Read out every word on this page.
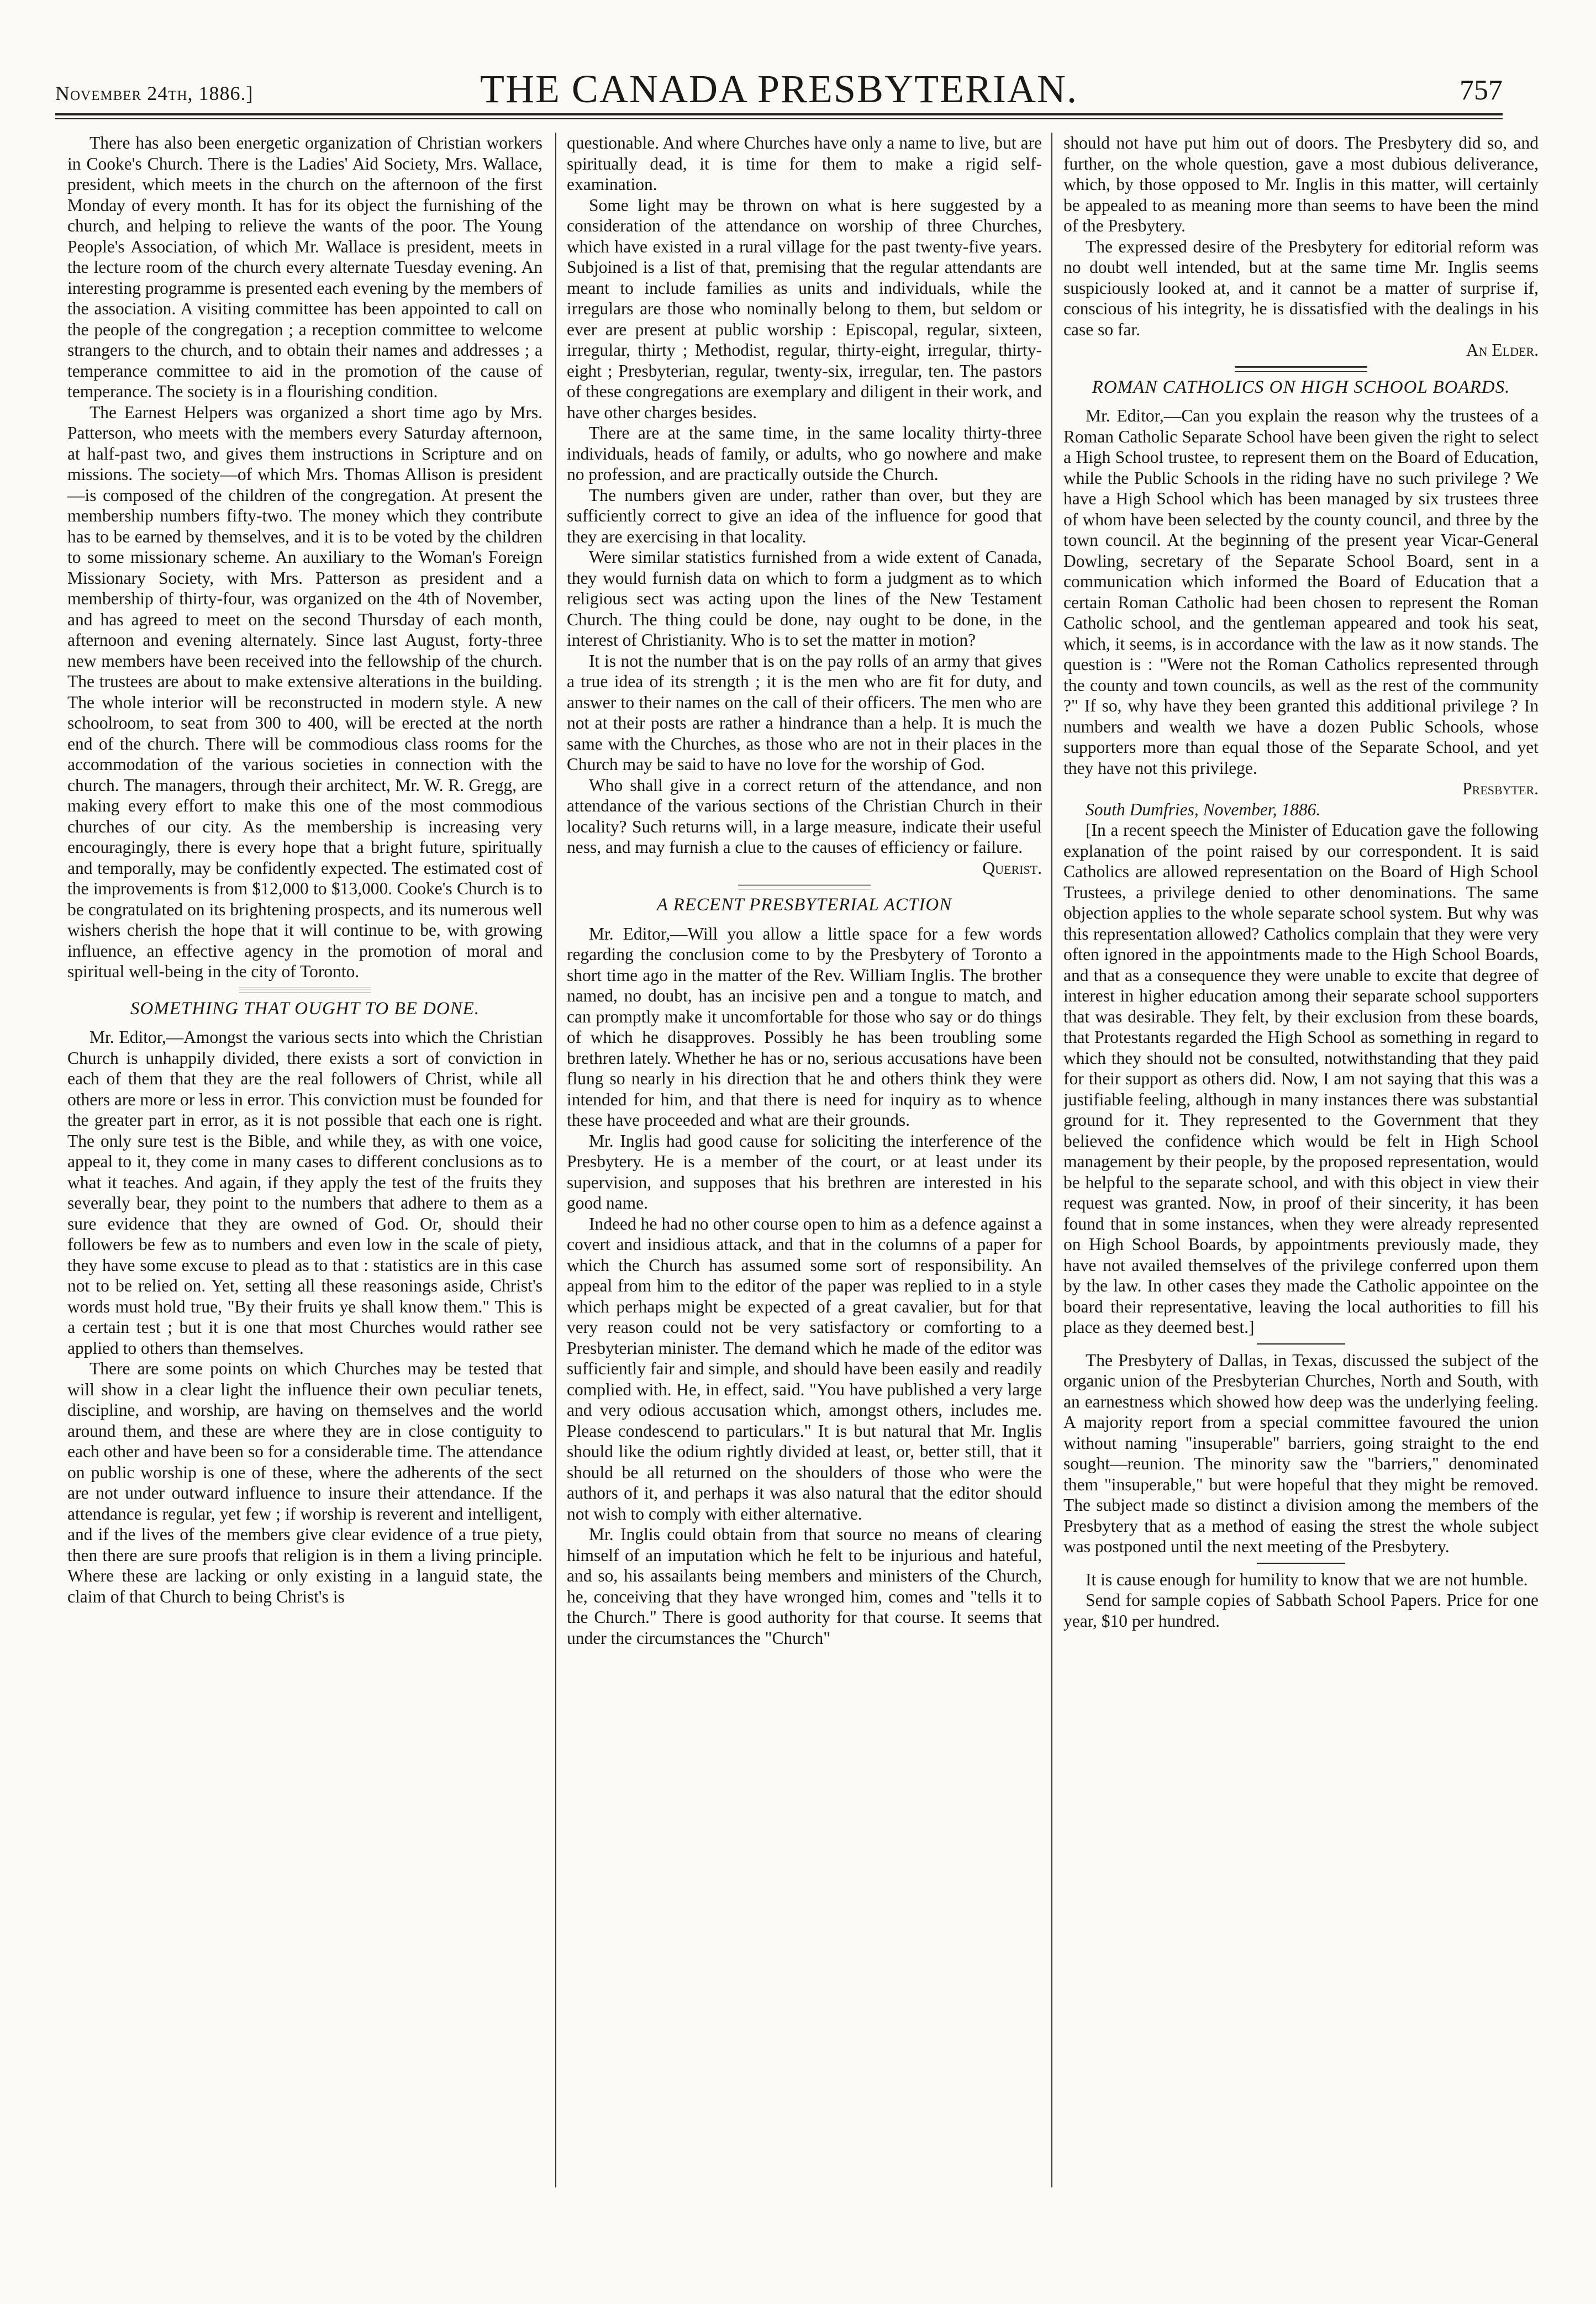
November 24th, 1886.]	THE CANADA PRESBYTERIAN.	757

There has also been energetic organization of Christian workers in Cooke's Church. There is the Ladies' Aid Society, Mrs. Wallace, president, which meets in the church on the afternoon of the first Monday of every month. It has for its object the furnishing of the church, and helping to relieve the wants of the poor. The Young People's Association, of which Mr. Wallace is president, meets in the lecture room of the church every alternate Tuesday evening. An interesting programme is presented each evening by the members of the association. A visiting committee has been appointed to call on the people of the congregation ; a reception committee to welcome strangers to the church, and to obtain their names and addresses ; a temperance committee to aid in the promotion of the cause of temperance. The society is in a flourishing condition.

The Earnest Helpers was organized a short time ago by Mrs. Patterson, who meets with the members every Saturday afternoon, at half-past two, and gives them instructions in Scripture and on missions. The society—of which Mrs. Thomas Allison is president—is composed of the children of the congregation. At present the membership numbers fifty-two. The money which they contribute has to be earned by themselves, and it is to be voted by the children to some missionary scheme. An auxiliary to the Woman's Foreign Missionary Society, with Mrs. Patterson as president and a membership of thirty-four, was organized on the 4th of November, and has agreed to meet on the second Thursday of each month, afternoon and evening alternately. Since last August, forty-three new members have been received into the fellowship of the church. The trustees are about to make extensive alterations in the building. The whole interior will be reconstructed in modern style. A new schoolroom, to seat from 300 to 400, will be erected at the north end of the church. There will be commodious class rooms for the accommodation of the various societies in connection with the church. The managers, through their architect, Mr. W. R. Gregg, are making every effort to make this one of the most commodious churches of our city. As the membership is increasing very encouragingly, there is every hope that a bright future, spiritually and temporally, may be confidently expected. The estimated cost of the improvements is from $12,000 to $13,000. Cooke's Church is to be congratulated on its brightening prospects, and its numerous well wishers cherish the hope that it will continue to be, with growing influence, an effective agency in the promotion of moral and spiritual well-being in the city of Toronto.

SOMETHING THAT OUGHT TO BE DONE.

Mr. Editor,—Amongst the various sects into which the Christian Church is unhappily divided, there exists a sort of conviction in each of them that they are the real followers of Christ, while all others are more or less in error. This conviction must be founded for the greater part in error, as it is not possible that each one is right. The only sure test is the Bible, and while they, as with one voice, appeal to it, they come in many cases to different conclusions as to what it teaches. And again, if they apply the test of the fruits they severally bear, they point to the numbers that adhere to them as a sure evidence that they are owned of God. Or, should their followers be few as to numbers and even low in the scale of piety, they have some excuse to plead as to that : statistics are in this case not to be relied on. Yet, setting all these reasonings aside, Christ's words must hold true, "By their fruits ye shall know them." This is a certain test ; but it is one that most Churches would rather see applied to others than themselves.

There are some points on which Churches may be tested that will show in a clear light the influence their own peculiar tenets, discipline, and worship, are having on themselves and the world around them, and these are where they are in close contiguity to each other and have been so for a considerable time. The attendance on public worship is one of these, where the adherents of the sect are not under outward influence to insure their attendance. If the attendance is regular, yet few ; if worship is reverent and intelligent, and if the lives of the members give clear evidence of a true piety, then there are sure proofs that religion is in them a living principle. Where these are lacking or only existing in a languid state, the claim of that Church to being Christ's is

questionable. And where Churches have only a name to live, but are spiritually dead, it is time for them to make a rigid self-examination.

Some light may be thrown on what is here suggested by a consideration of the attendance on worship of three Churches, which have existed in a rural village for the past twenty-five years. Subjoined is a list of that, premising that the regular attendants are meant to include families as units and individuals, while the irregulars are those who nominally belong to them, but seldom or ever are present at public worship : Episcopal, regular, sixteen, irregular, thirty ; Methodist, regular, thirty-eight, irregular, thirty-eight ; Presbyterian, regular, twenty-six, irregular, ten. The pastors of these congregations are exemplary and diligent in their work, and have other charges besides.

There are at the same time, in the same locality thirty-three individuals, heads of family, or adults, who go nowhere and make no profession, and are practically outside the Church.

The numbers given are under, rather than over, but they are sufficiently correct to give an idea of the influence for good that they are exercising in that locality.

Were similar statistics furnished from a wide extent of Canada, they would furnish data on which to form a judgment as to which religious sect was acting upon the lines of the New Testament Church. The thing could be done, nay ought to be done, in the interest of Christianity. Who is to set the matter in motion?

It is not the number that is on the pay rolls of an army that gives a true idea of its strength ; it is the men who are fit for duty, and answer to their names on the call of their officers. The men who are not at their posts are rather a hindrance than a help. It is much the same with the Churches, as those who are not in their places in the Church may be said to have no love for the worship of God.

Who shall give in a correct return of the attendance, and non attendance of the various sections of the Christian Church in their locality? Such returns will, in a large measure, indicate their useful ness, and may furnish a clue to the causes of efficiency or failure.

Querist.

A RECENT PRESBYTERIAL ACTION

Mr. Editor,—Will you allow a little space for a few words regarding the conclusion come to by the Presbytery of Toronto a short time ago in the matter of the Rev. William Inglis. The brother named, no doubt, has an incisive pen and a tongue to match, and can promptly make it uncomfortable for those who say or do things of which he disapproves. Possibly he has been troubling some brethren lately. Whether he has or no, serious accusations have been flung so nearly in his direction that he and others think they were intended for him, and that there is need for inquiry as to whence these have proceeded and what are their grounds.

Mr. Inglis had good cause for soliciting the interference of the Presbytery. He is a member of the court, or at least under its supervision, and supposes that his brethren are interested in his good name.

Indeed he had no other course open to him as a defence against a covert and insidious attack, and that in the columns of a paper for which the Church has assumed some sort of responsibility. An appeal from him to the editor of the paper was replied to in a style which perhaps might be expected of a great cavalier, but for that very reason could not be very satisfactory or comforting to a Presbyterian minister. The demand which he made of the editor was sufficiently fair and simple, and should have been easily and readily complied with. He, in effect, said. "You have published a very large and very odious accusation which, amongst others, includes me. Please condescend to particulars." It is but natural that Mr. Inglis should like the odium rightly divided at least, or, better still, that it should be all returned on the shoulders of those who were the authors of it, and perhaps it was also natural that the editor should not wish to comply with either alternative.

Mr. Inglis could obtain from that source no means of clearing himself of an imputation which he felt to be injurious and hateful, and so, his assailants being members and ministers of the Church, he, conceiving that they have wronged him, comes and "tells it to the Church." There is good authority for that course. It seems that under the circumstances the "Church"

should not have put him out of doors. The Presbytery did so, and further, on the whole question, gave a most dubious deliverance, which, by those opposed to Mr. Inglis in this matter, will certainly be appealed to as meaning more than seems to have been the mind of the Presbytery.

The expressed desire of the Presbytery for editorial reform was no doubt well intended, but at the same time Mr. Inglis seems suspiciously looked at, and it cannot be a matter of surprise if, conscious of his integrity, he is dissatisfied with the dealings in his case so far.

An Elder.

ROMAN CATHOLICS ON HIGH SCHOOL BOARDS.

Mr. Editor,—Can you explain the reason why the trustees of a Roman Catholic Separate School have been given the right to select a High School trustee, to represent them on the Board of Education, while the Public Schools in the riding have no such privilege ? We have a High School which has been managed by six trustees three of whom have been selected by the county council, and three by the town council. At the beginning of the present year Vicar-General Dowling, secretary of the Separate School Board, sent in a communication which informed the Board of Education that a certain Roman Catholic had been chosen to represent the Roman Catholic school, and the gentleman appeared and took his seat, which, it seems, is in accordance with the law as it now stands. The question is : "Were not the Roman Catholics represented through the county and town councils, as well as the rest of the community ?" If so, why have they been granted this additional privilege ? In numbers and wealth we have a dozen Public Schools, whose supporters more than equal those of the Separate School, and yet they have not this privilege.

Presbyter.

South Dumfries, November, 1886.

[In a recent speech the Minister of Education gave the following explanation of the point raised by our correspondent. It is said Catholics are allowed representation on the Board of High School Trustees, a privilege denied to other denominations. The same objection applies to the whole separate school system. But why was this representation allowed? Catholics complain that they were very often ignored in the appointments made to the High School Boards, and that as a consequence they were unable to excite that degree of interest in higher education among their separate school supporters that was desirable. They felt, by their exclusion from these boards, that Protestants regarded the High School as something in regard to which they should not be consulted, notwithstanding that they paid for their support as others did. Now, I am not saying that this was a justifiable feeling, although in many instances there was substantial ground for it. They represented to the Government that they believed the confidence which would be felt in High School management by their people, by the proposed representation, would be helpful to the separate school, and with this object in view their request was granted. Now, in proof of their sincerity, it has been found that in some instances, when they were already represented on High School Boards, by appointments previously made, they have not availed themselves of the privilege conferred upon them by the law. In other cases they made the Catholic appointee on the board their representative, leaving the local authorities to fill his place as they deemed best.]

The Presbytery of Dallas, in Texas, discussed the subject of the organic union of the Presbyterian Churches, North and South, with an earnestness which showed how deep was the underlying feeling. A majority report from a special committee favoured the union without naming "insuperable" barriers, going straight to the end sought—reunion. The minority saw the "barriers," denominated them "insuperable," but were hopeful that they might be removed. The subject made so distinct a division among the members of the Presbytery that as a method of easing the strest the whole subject was postponed until the next meeting of the Presbytery.

It is cause enough for humility to know that we are not humble.

Send for sample copies of Sabbath School Papers. Price for one year, $10 per hundred.
